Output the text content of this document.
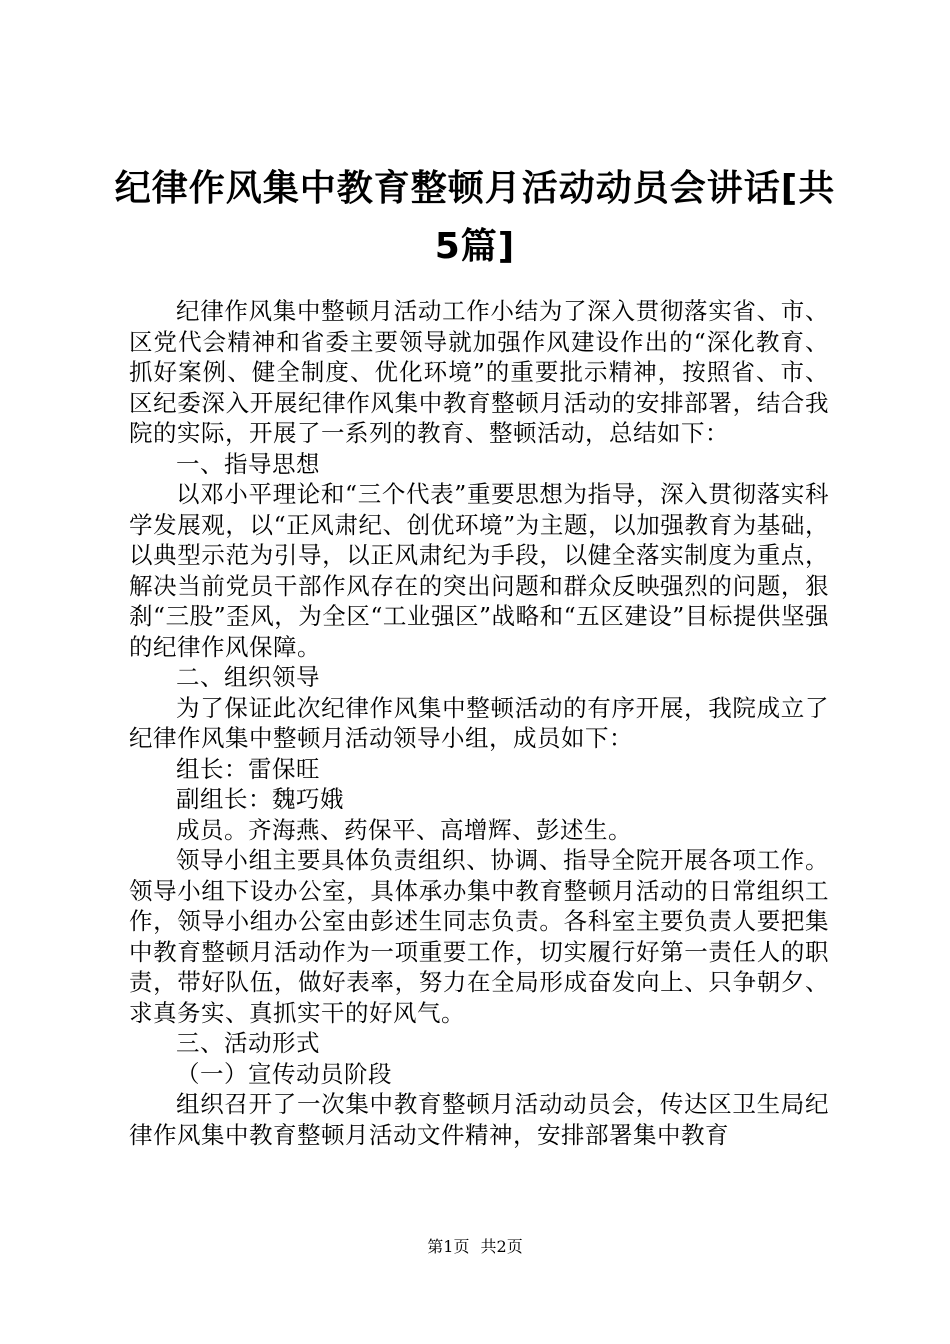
纪律作风集中教育整顿月活动动员会讲话[共5篇]

纪律作风集中整顿月活动工作小结为了深入贯彻落实省、市、区党代会精神和省委主要领导就加强作风建设作出的“深化教育、抓好案例、健全制度、优化环境”的重要批示精神，按照省、市、区纪委深入开展纪律作风集中教育整顿月活动的安排部署，结合我院的实际，开展了一系列的教育、整顿活动，总结如下：

一、指导思想

以邓小平理论和“三个代表”重要思想为指导，深入贯彻落实科学发展观，以“正风肃纪、创优环境”为主题，以加强教育为基础，以典型示范为引导，以正风肃纪为手段，以健全落实制度为重点，解决当前党员干部作风存在的突出问题和群众反映强烈的问题，狠刹“三股”歪风，为全区“工业强区”战略和“五区建设”目标提供坚强的纪律作风保障。

二、组织领导

为了保证此次纪律作风集中整顿活动的有序开展，我院成立了纪律作风集中整顿月活动领导小组，成员如下：

组长：雷保旺

副组长：魏巧娥

成员。齐海燕、药保平、高增辉、彭述生。

领导小组主要具体负责组织、协调、指导全院开展各项工作。领导小组下设办公室，具体承办集中教育整顿月活动的日常组织工作，领导小组办公室由彭述生同志负责。各科室主要负责人要把集中教育整顿月活动作为一项重要工作，切实履行好第一责任人的职责，带好队伍，做好表率，努力在全局形成奋发向上、只争朝夕、求真务实、真抓实干的好风气。

三、活动形式

（一）宣传动员阶段

组织召开了一次集中教育整顿月活动动员会，传达区卫生局纪律作风集中教育整顿月活动文件精神，安排部署集中教育

第1页 共2页
